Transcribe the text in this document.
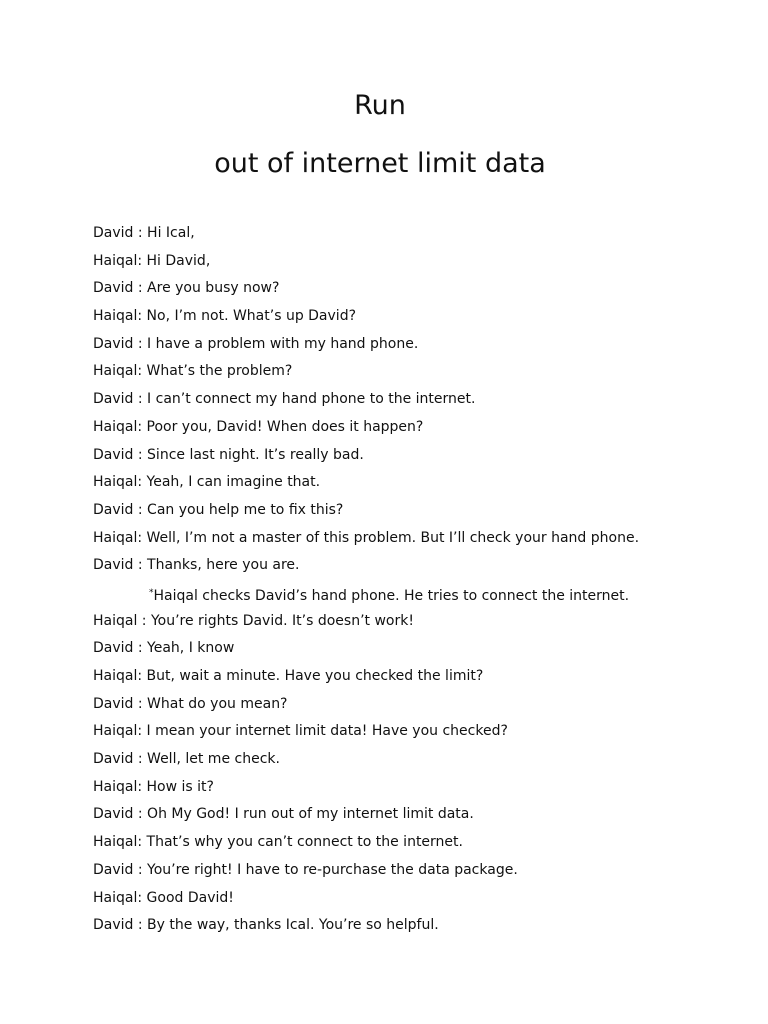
Run
out of internet limit data
David : Hi Ical,
Haiqal: Hi David,
David : Are you busy now?
Haiqal: No, I’m not. What’s up David?
David : I have a problem with my hand phone.
Haiqal: What’s the problem?
David : I can’t connect my hand phone to the internet.
Haiqal: Poor you, David! When does it happen?
David : Since last night. It’s really bad.
Haiqal: Yeah, I can imagine that.
David : Can you help me to fix this?
Haiqal: Well, I’m not a master of this problem. But I’ll check your hand phone.
David : Thanks, here you are.
*Haiqal checks David’s hand phone. He tries to connect the internet.
Haiqal : You’re rights David. It’s doesn’t work!
David : Yeah, I know
Haiqal: But, wait a minute. Have you checked the limit?
David : What do you mean?
Haiqal: I mean your internet limit data! Have you checked?
David : Well, let me check.
Haiqal: How is it?
David : Oh My God! I run out of my internet limit data.
Haiqal: That’s why you can’t connect to the internet.
David : You’re right! I have to re-purchase the data package.
Haiqal: Good David!
David : By the way, thanks Ical. You’re so helpful.
